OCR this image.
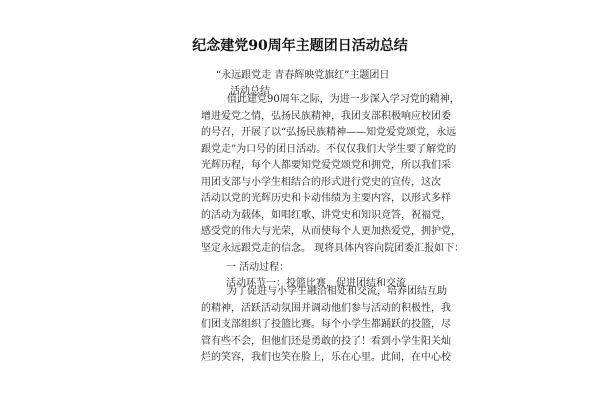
纪念建党90周年主题团日活动总结
“永远跟党走 青春辉映党旗红”主题团日
活动总结
值此建党90周年之际，为进一步深入学习党的精神，
增进爱党之情，弘扬民族精神，我团支部积极响应校团委
的号召，开展了以“弘扬民族精神——知党爱党颂党，永远
跟党走”为口号的团日活动。不仅仅我们大学生要了解党的
光辉历程，每个人都要知党爱党颂党和拥党，所以我们采
用团支部与小学生相结合的形式进行党史的宣传，这次
活动以党的光辉历史和卡动伟绩为主要内容，以形式多样
的活动为载体，如唱红歌、讲党史和知识竞答，祝福党，
感受党的伟大与光荣，从而使每个人更加热爱党，拥护党，
坚定永远跟党走的信念。 现将具体内容向院团委汇报如下：
一 活动过程：
活动环节一：投篮比赛，促进团结和交流
为了促进与小学生融洽相处和交流，培养团结互助
的精神，活跃活动氛围并调动他们参与活动的积极性，我
们团支部组织了投篮比赛。每个小学生都踊跃的投篮，尽
管有些不会，但他们还是勇敢的投了！看到小学生阳关灿
烂的笑容，我们也笑在脸上，乐在心里。此间，在中心校
